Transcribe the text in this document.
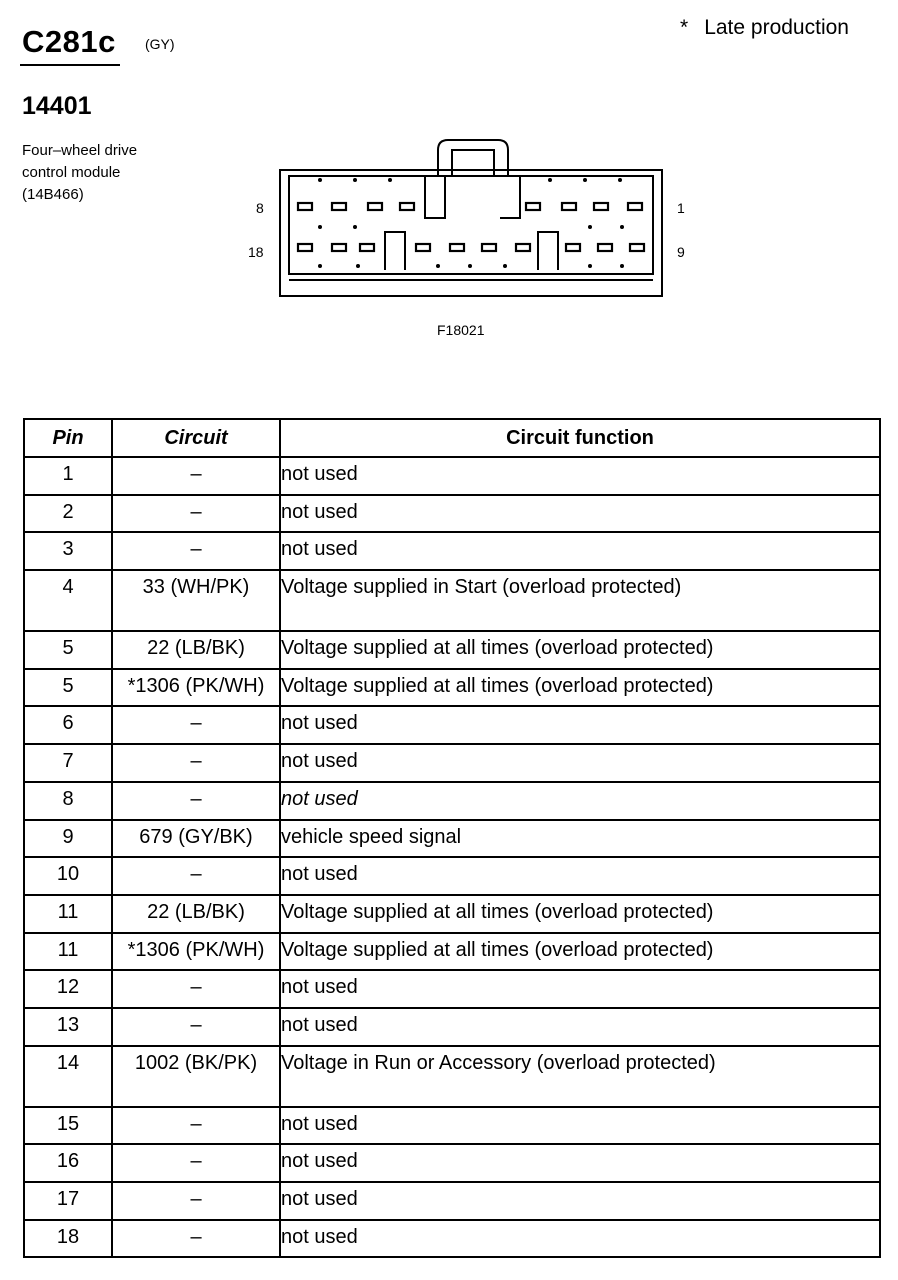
C281c (GY)
* Late production
14401
Four–wheel drive
control module
(14B466)
8	1
18	9
F18021
Pin	Circuit	Circuit function
1	–	not used
2	–	not used
3	–	not used
4	33 (WH/PK)	Voltage supplied in Start (overload protected)
5	22 (LB/BK)	Voltage supplied at all times (overload protected)
5	*1306 (PK/WH)	Voltage supplied at all times (overload protected)
6	–	not used
7	–	not used
8	–	not used
9	679 (GY/BK)	vehicle speed signal
10	–	not used
11	22 (LB/BK)	Voltage supplied at all times (overload protected)
11	*1306 (PK/WH)	Voltage supplied at all times (overload protected)
12	–	not used
13	–	not used
14	1002 (BK/PK)	Voltage in Run or Accessory (overload protected)
15	–	not used
16	–	not used
17	–	not used
18	–	not used
